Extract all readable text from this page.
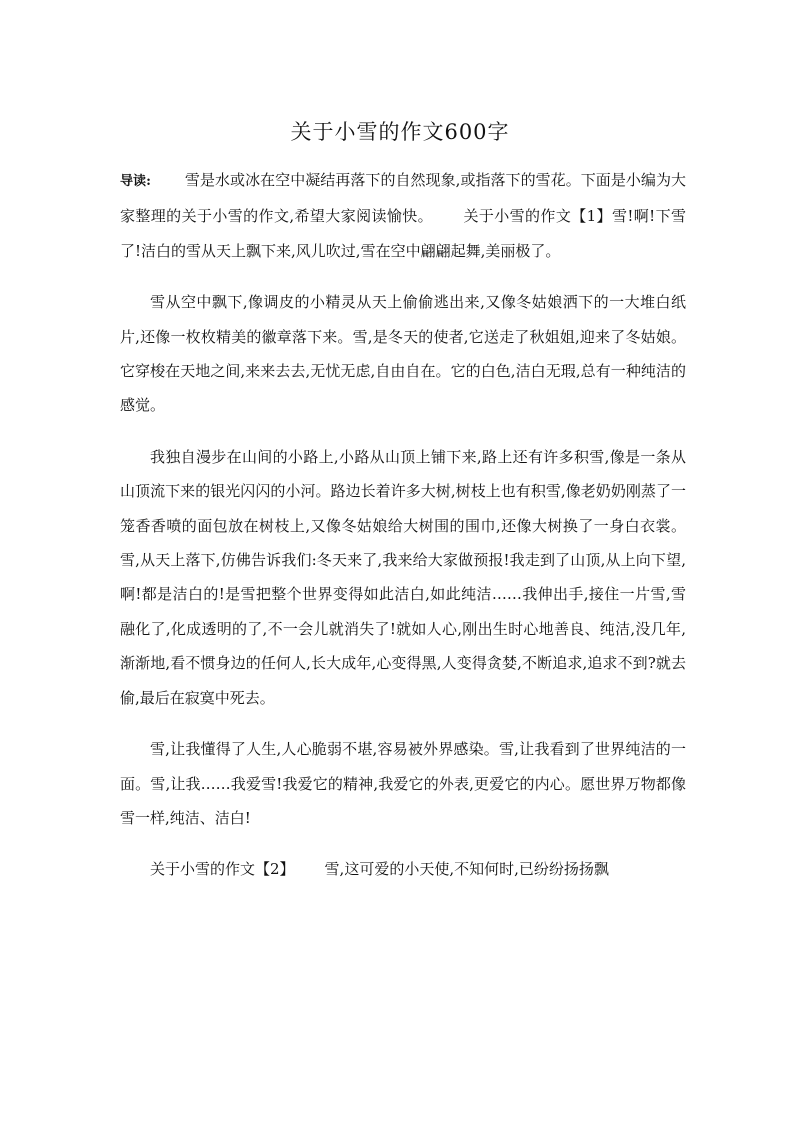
关于小雪的作文600字

导读: 雪是水或冰在空中凝结再落下的自然现象,或指落下的雪花。下面是小编为大家整理的关于小雪的作文,希望大家阅读愉快。 关于小雪的作文【1】雪!啊!下雪了!洁白的雪从天上飘下来,风儿吹过,雪在空中翩翩起舞,美丽极了。

雪从空中飘下,像调皮的小精灵从天上偷偷逃出来,又像冬姑娘洒下的一大堆白纸片,还像一枚枚精美的徽章落下来。雪,是冬天的使者,它送走了秋姐姐,迎来了冬姑娘。它穿梭在天地之间,来来去去,无忧无虑,自由自在。它的白色,洁白无瑕,总有一种纯洁的感觉。

我独自漫步在山间的小路上,小路从山顶上铺下来,路上还有许多积雪,像是一条从山顶流下来的银光闪闪的小河。路边长着许多大树,树枝上也有积雪,像老奶奶刚蒸了一笼香香喷的面包放在树枝上,又像冬姑娘给大树围的围巾,还像大树换了一身白衣裳。雪,从天上落下,仿佛告诉我们:冬天来了,我来给大家做预报!我走到了山顶,从上向下望,啊!都是洁白的!是雪把整个世界变得如此洁白,如此纯洁……我伸出手,接住一片雪,雪融化了,化成透明的了,不一会儿就消失了!就如人心,刚出生时心地善良、纯洁,没几年,渐渐地,看不惯身边的任何人,长大成年,心变得黑,人变得贪婪,不断追求,追求不到?就去偷,最后在寂寞中死去。

雪,让我懂得了人生,人心脆弱不堪,容易被外界感染。雪,让我看到了世界纯洁的一面。雪,让我……我爱雪!我爱它的精神,我爱它的外表,更爱它的内心。愿世界万物都像雪一样,纯洁、洁白!

关于小雪的作文【2】 雪,这可爱的小天使,不知何时,已纷纷扬扬飘
